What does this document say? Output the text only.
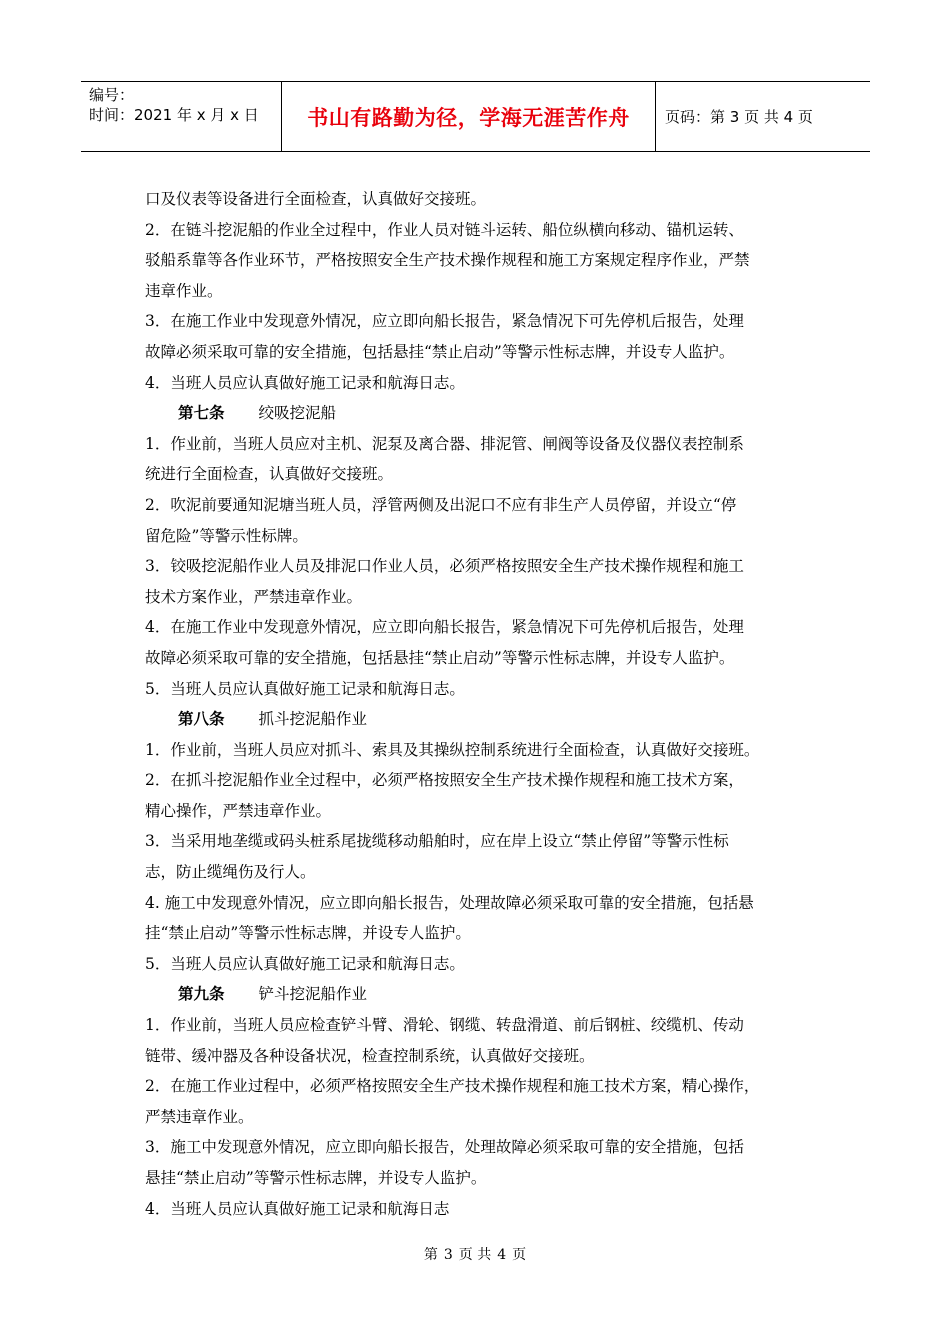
编号：
时间：2021 年 x 月 x 日	书山有路勤为径，学海无涯苦作舟	页码：第 3 页 共 4 页

口及仪表等设备进行全面检查，认真做好交接班。

2．在链斗挖泥船的作业全过程中，作业人员对链斗运转、船位纵横向移动、锚机运转、

驳船系靠等各作业环节，严格按照安全生产技术操作规程和施工方案规定程序作业，严禁

违章作业。

3．在施工作业中发现意外情况，应立即向船长报告，紧急情况下可先停机后报告，处理

故障必须采取可靠的安全措施，包括悬挂“禁止启动”等警示性标志牌，并设专人监护。

4．当班人员应认真做好施工记录和航海日志。

第七条 绞吸挖泥船

1．作业前，当班人员应对主机、泥泵及离合器、排泥管、闸阀等设备及仪器仪表控制系

统进行全面检查，认真做好交接班。

2．吹泥前要通知泥塘当班人员，浮管两侧及出泥口不应有非生产人员停留，并设立“停

留危险”等警示性标牌。

3．铰吸挖泥船作业人员及排泥口作业人员，必须严格按照安全生产技术操作规程和施工

技术方案作业，严禁违章作业。

4．在施工作业中发现意外情况，应立即向船长报告，紧急情况下可先停机后报告，处理

故障必须采取可靠的安全措施，包括悬挂“禁止启动”等警示性标志牌，并设专人监护。

5．当班人员应认真做好施工记录和航海日志。

第八条 抓斗挖泥船作业

1．作业前，当班人员应对抓斗、索具及其操纵控制系统进行全面检查，认真做好交接班。

2．在抓斗挖泥船作业全过程中，必须严格按照安全生产技术操作规程和施工技术方案，

精心操作，严禁违章作业。

3．当采用地垄缆或码头桩系尾拢缆移动船舶时，应在岸上设立“禁止停留”等警示性标

志，防止缆绳伤及行人。

4. 施工中发现意外情况，应立即向船长报告，处理故障必须采取可靠的安全措施，包括悬

挂“禁止启动”等警示性标志牌，并设专人监护。

5．当班人员应认真做好施工记录和航海日志。

第九条 铲斗挖泥船作业

1．作业前，当班人员应检查铲斗臂、滑轮、钢缆、转盘滑道、前后钢桩、绞缆机、传动

链带、缓冲器及各种设备状况，检查控制系统，认真做好交接班。

2．在施工作业过程中，必须严格按照安全生产技术操作规程和施工技术方案，精心操作，

严禁违章作业。

3．施工中发现意外情况，应立即向船长报告，处理故障必须采取可靠的安全措施，包括

悬挂“禁止启动”等警示性标志牌，并设专人监护。

4．当班人员应认真做好施工记录和航海日志

第 3 页 共 4 页
